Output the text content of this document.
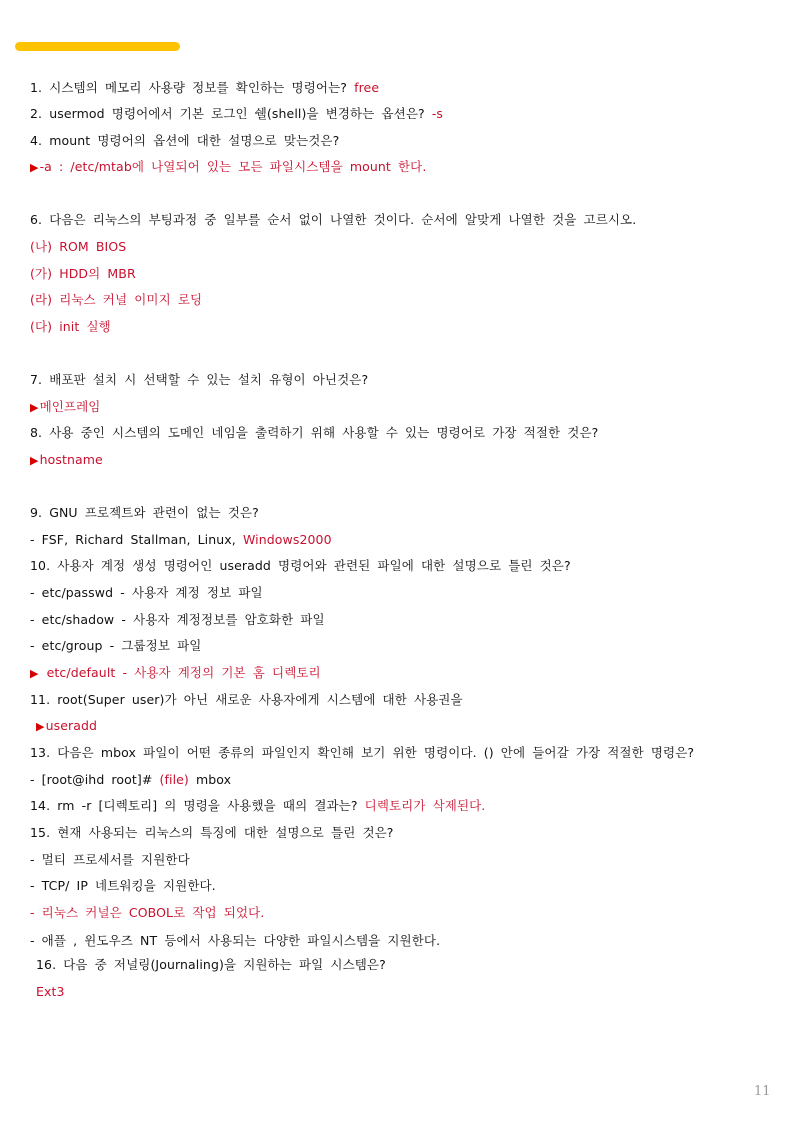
1. 시스템의 메모리 사용량 정보를 확인하는 명령어는? free
2. usermod 명령어에서 기본 로그인 쉘(shell)을 변경하는 옵션은? -s
4. mount 명령어의 옵션에 대한 설명으로 맞는것은?
▶-a : /etc/mtab에 나열되어 있는 모든 파일시스템을 mount 한다.
6. 다음은 리눅스의 부팅과정 중 일부를 순서 없이 나열한 것이다. 순서에 알맞게 나열한 것을 고르시오.
(나) ROM BIOS
(가) HDD의 MBR
(라) 리눅스 커널 이미지 로딩
(다) init 실행
7. 배포판 설치 시 선택할 수 있는 설치 유형이 아닌것은?
▶메인프레임
8. 사용 중인 시스템의 도메인 네임을 출력하기 위해 사용할 수 있는 명령어로 가장 적절한 것은?
▶hostname
9. GNU 프로젝트와 관련이 없는 것은?
- FSF, Richard Stallman, Linux, Windows2000
10. 사용자 계정 생성 명령어인 useradd 명령어와 관련된 파일에 대한 설명으로 틀린 것은?
- etc/passwd - 사용자 계정 정보 파일
- etc/shadow - 사용자 계정정보를 암호화한 파일
- etc/group - 그룹정보 파일
▶ etc/default - 사용자 계정의 기본 홈 디렉토리
11. root(Super user)가 아닌 새로운 사용자에게 시스템에 대한 사용권을
▶useradd
13. 다음은 mbox 파일이 어떤 종류의 파일인지 확인해 보기 위한 명령이다. () 안에 들어갈 가장 적절한 명령은?
- [root@ihd root]# (file) mbox
14. rm -r [디렉토리] 의 명령을 사용했을 때의 결과는? 디렉토리가 삭제된다.
15. 현재 사용되는 리눅스의 특징에 대한 설명으로 틀린 것은?
- 멀티 프로세서를 지원한다
- TCP/ IP 네트워킹을 지원한다.
- 리눅스 커널은 COBOL로 작업 되었다.
- 애플 , 윈도우즈 NT 등에서 사용되는 다양한 파일시스템을 지원한다.
16. 다음 중 저널링(Journaling)을 지원하는 파일 시스템은?
Ext3
11
